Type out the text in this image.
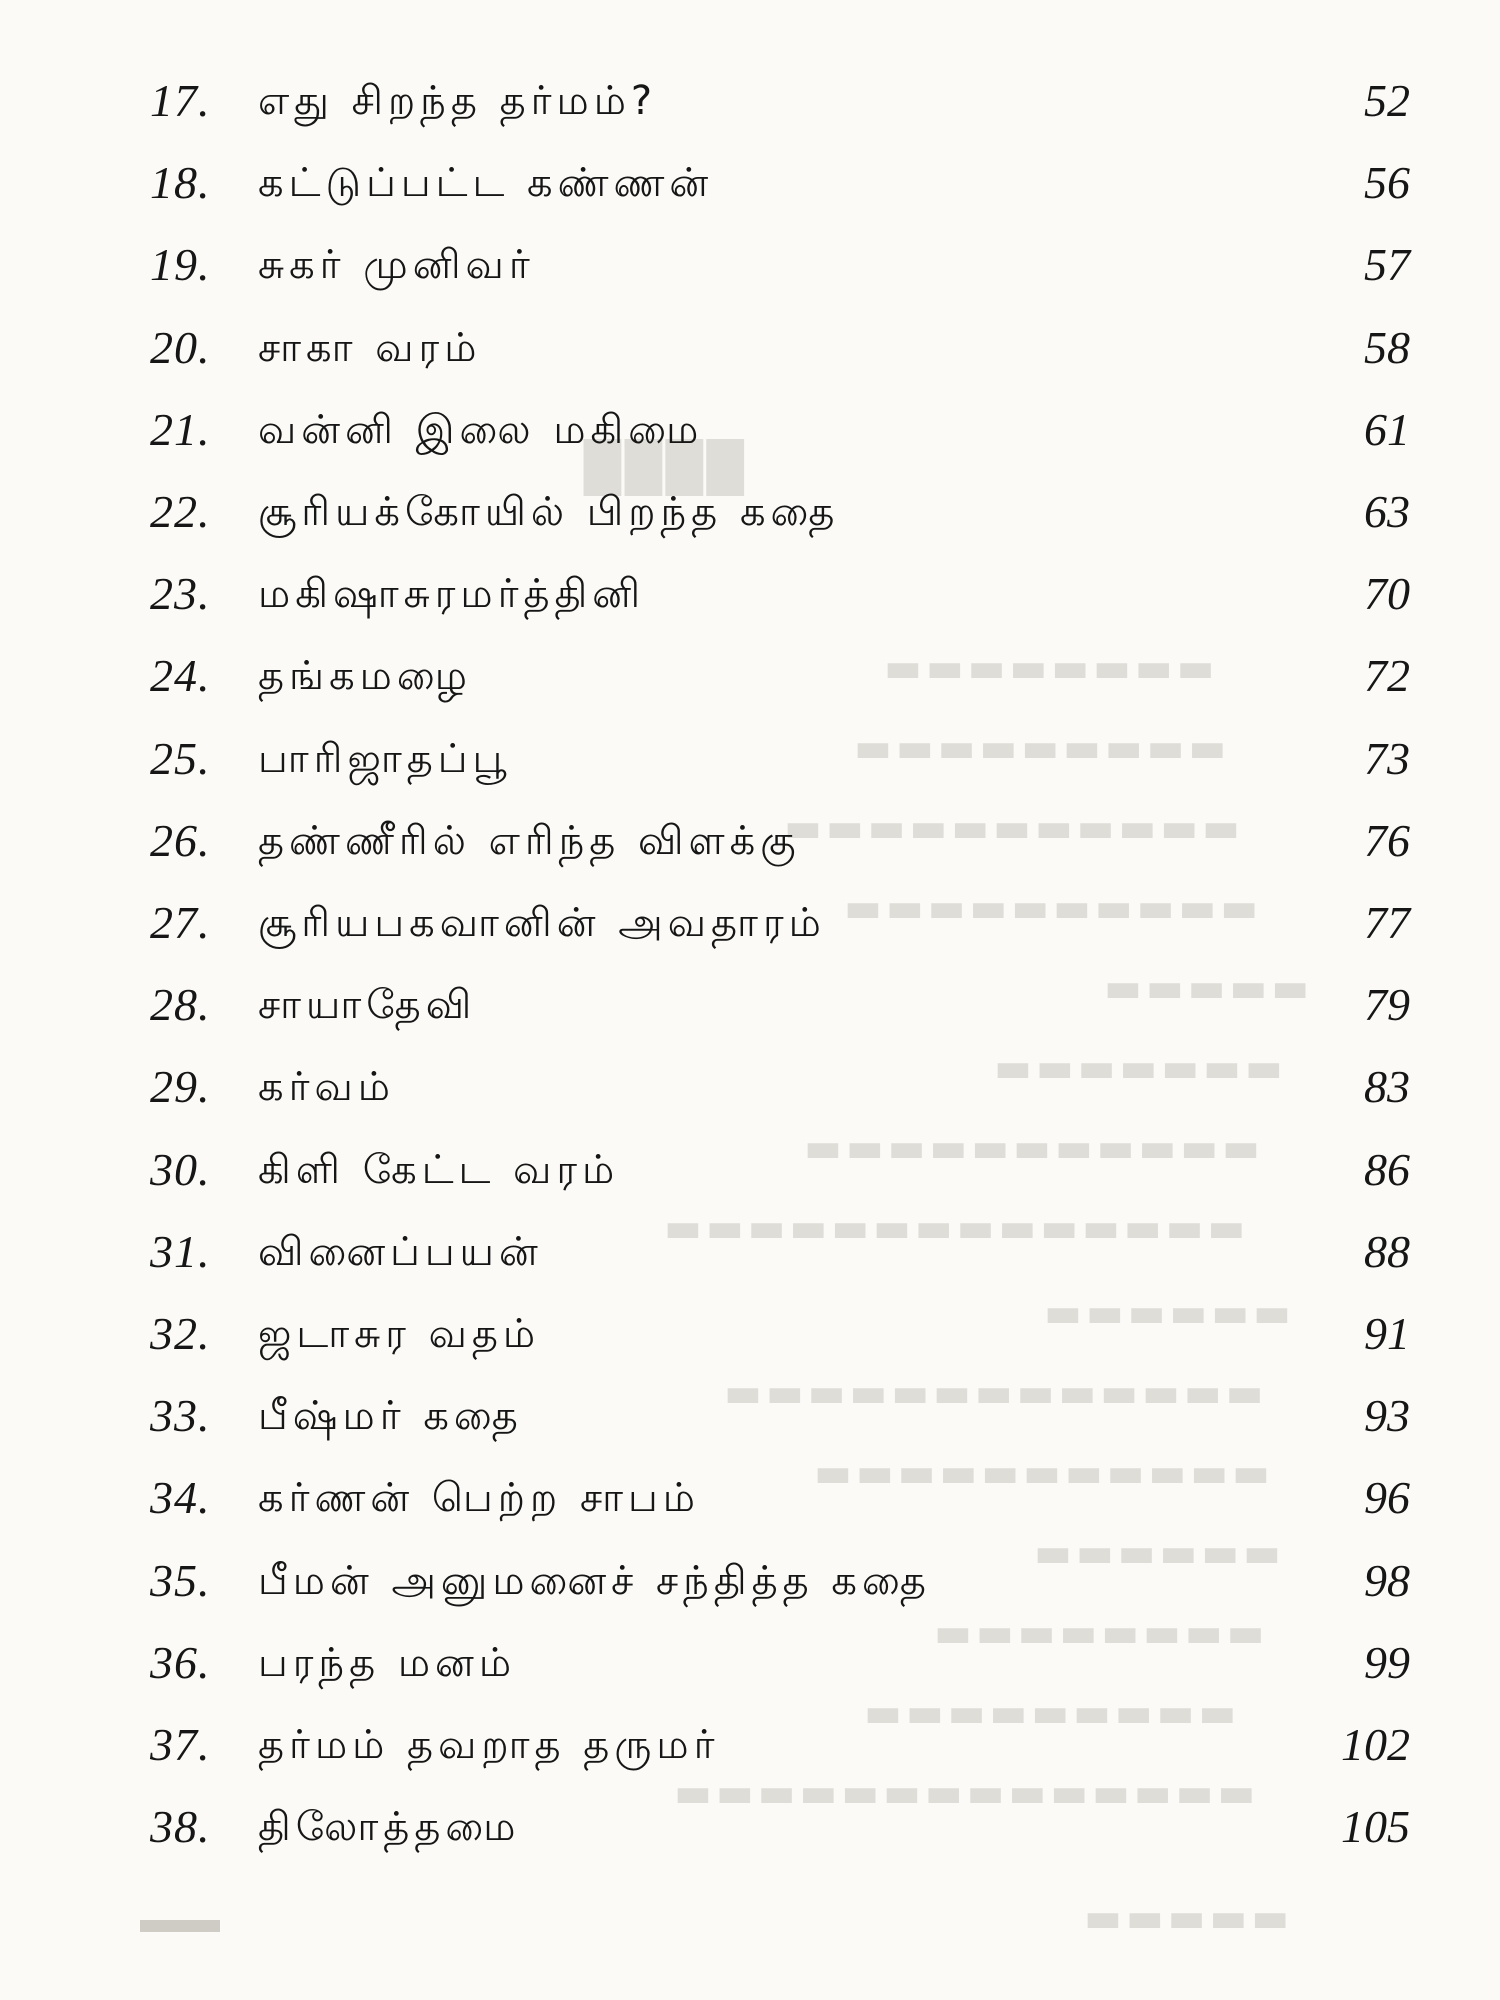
████
▬▬▬▬▬▬▬▬
▬▬▬▬▬▬▬▬▬
▬▬▬▬▬▬▬▬▬▬▬
▬▬▬▬▬▬▬▬▬▬
▬▬▬▬▬
▬▬▬▬▬▬▬
▬▬▬▬▬▬▬▬▬▬▬
▬▬▬▬▬▬▬▬▬▬▬▬▬▬
▬▬▬▬▬▬
▬▬▬▬▬▬▬▬▬▬▬▬▬
▬▬▬▬▬▬▬▬▬▬▬
▬▬▬▬▬▬
▬▬▬▬▬▬▬▬
▬▬▬▬▬▬▬▬▬
▬▬▬▬▬▬▬▬▬▬▬▬▬▬
▬▬▬▬▬
▬▬
17.	எது சிறந்த தர்மம்?	52
18.	கட்டுப்பட்ட கண்ணன்	56
19.	சுகர் முனிவர்	57
20.	சாகா வரம்	58
21.	வன்னி இலை மகிமை	61
22.	சூரியக்கோயில் பிறந்த கதை	63
23.	மகிஷாசுரமர்த்தினி	70
24.	தங்கமழை	72
25.	பாரிஜாதப்பூ	73
26.	தண்ணீரில் எரிந்த விளக்கு	76
27.	சூரியபகவானின் அவதாரம்	77
28.	சாயாதேவி	79
29.	கர்வம்	83
30.	கிளி கேட்ட வரம்	86
31.	வினைப்பயன்	88
32.	ஜடாசுர வதம்	91
33.	பீஷ்மர் கதை	93
34.	கர்ணன் பெற்ற சாபம்	96
35.	பீமன் அனுமனைச் சந்தித்த கதை	98
36.	பரந்த மனம்	99
37.	தர்மம் தவறாத தருமர்	102
38.	திலோத்தமை	105
